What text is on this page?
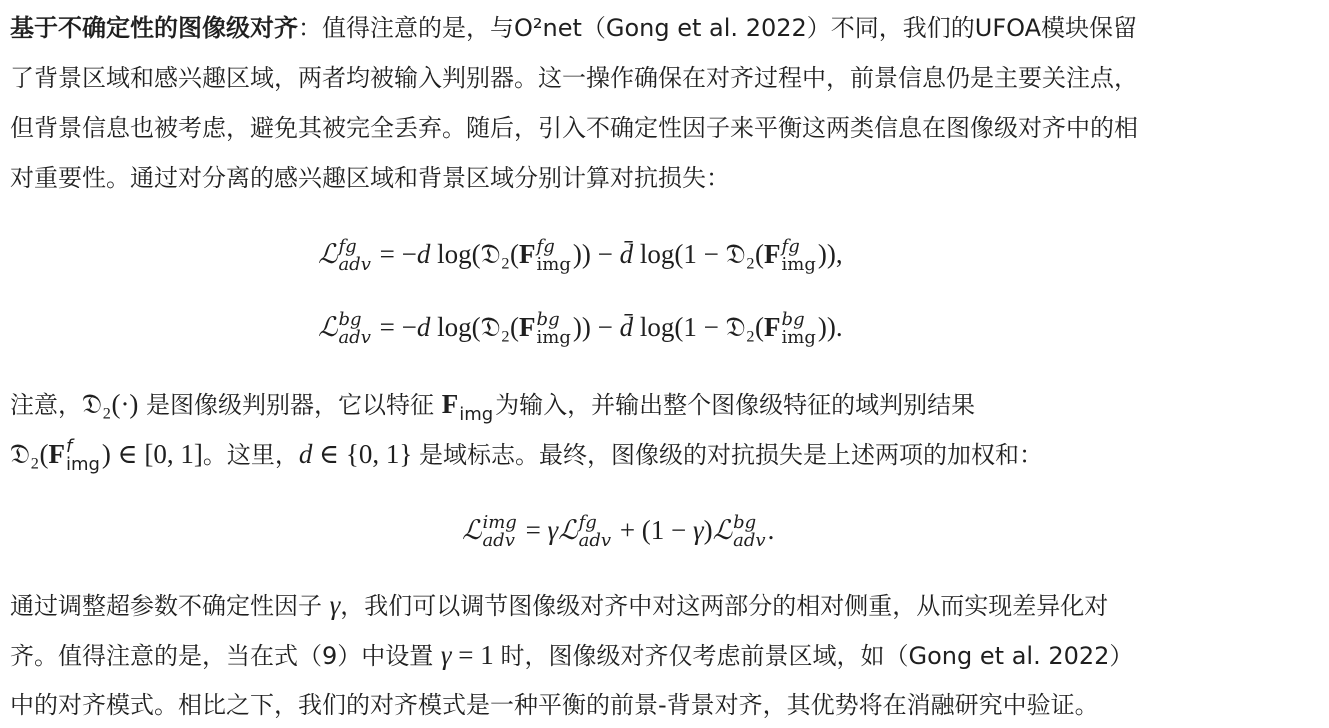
基于不确定性的图像级对齐：值得注意的是，与O²net（Gong et al. 2022）不同，我们的UFOA模块保留
了背景区域和感兴趣区域，两者均被输入判别器。这一操作确保在对齐过程中，前景信息仍是主要关注点，
但背景信息也被考虑，避免其被完全丢弃。随后，引入不确定性因子来平衡这两类信息在图像级对齐中的相
对重要性。通过对分离的感兴趣区域和背景区域分别计算对抗损失：
ℒ fg
adv = −d log(𝔇₂(F fg
img )) − d̄ log(1 − 𝔇₂(F fg
img )),
ℒ bg
adv = −d log(𝔇₂(F bg
img )) − d̄ log(1 − 𝔇₂(F bg
img )).
注意，𝔇₂(·) 是图像级判别器，它以特征 F
img 为输入，并输出整个图像级特征的域判别结果
𝔇₂(F f
img ) ∈ [0, 1]。这里，d ∈ {0, 1} 是域标志。最终，图像级的对抗损失是上述两项的加权和：
ℒ img
adv = γℒ fg
adv + (1 − γ)ℒ bg
adv .
通过调整超参数不确定性因子 γ，我们可以调节图像级对齐中对这两部分的相对侧重，从而实现差异化对
齐。值得注意的是，当在式（9）中设置 γ = 1 时，图像级对齐仅考虑前景区域，如（Gong et al. 2022）
中的对齐模式。相比之下，我们的对齐模式是一种平衡的前景-背景对齐，其优势将在消融研究中验证。
